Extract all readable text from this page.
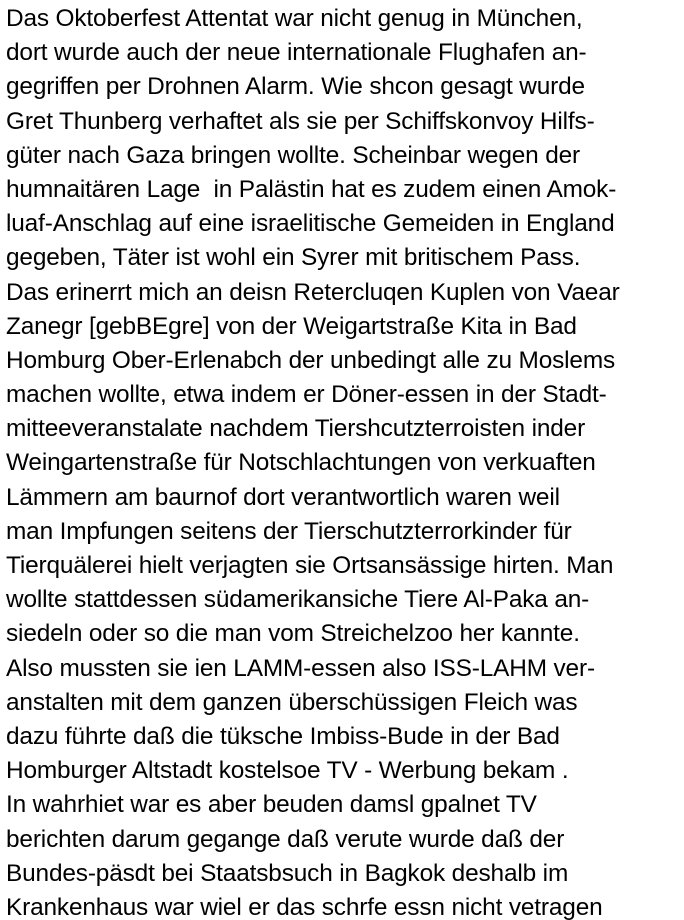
Das Oktoberfest Attentat war nicht genug in München,
dort wurde auch der neue internationale Flughafen an-
gegriffen per Drohnen Alarm. Wie shcon gesagt wurde
Gret Thunberg verhaftet als sie per Schiffskonvoy Hilfs-
güter nach Gaza bringen wollte. Scheinbar wegen der
humnaitären Lage  in Palästin hat es zudem einen Amok-
luaf-Anschlag auf eine israelitische Gemeiden in England
gegeben, Täter ist wohl ein Syrer mit britischem Pass.
Das erinerrt mich an deisn Retercluqen Kuplen von Vaear
Zanegr [gebBEgre] von der Weigartstraße Kita in Bad
Homburg Ober-Erlenabch der unbedingt alle zu Moslems
machen wollte, etwa indem er Döner-essen in der Stadt-
mitteeveranstalate nachdem Tiershcutzterroisten inder
Weingartenstraße für Notschlachtungen von verkuaften
Lämmern am baurnof dort verantwortlich waren weil
man Impfungen seitens der Tierschutzterrorkinder für
Tierquälerei hielt verjagten sie Ortsansässige hirten. Man
wollte stattdessen südamerikansiche Tiere Al-Paka an-
siedeln oder so die man vom Streichelzoo her kannte.
Also mussten sie ien LAMM-essen also ISS-LAHM ver-
anstalten mit dem ganzen überschüssigen Fleich was
dazu führte daß die tüksche Imbiss-Bude in der Bad
Homburger Altstadt kostelsoe TV - Werbung bekam .
In wahrhiet war es aber beuden damsl gpalnet TV
berichten darum gegange daß verute wurde daß der
Bundes-päsdt bei Staatsbsuch in Bagkok deshalb im
Krankenhaus war wiel er das schrfe essn nicht vetragen
